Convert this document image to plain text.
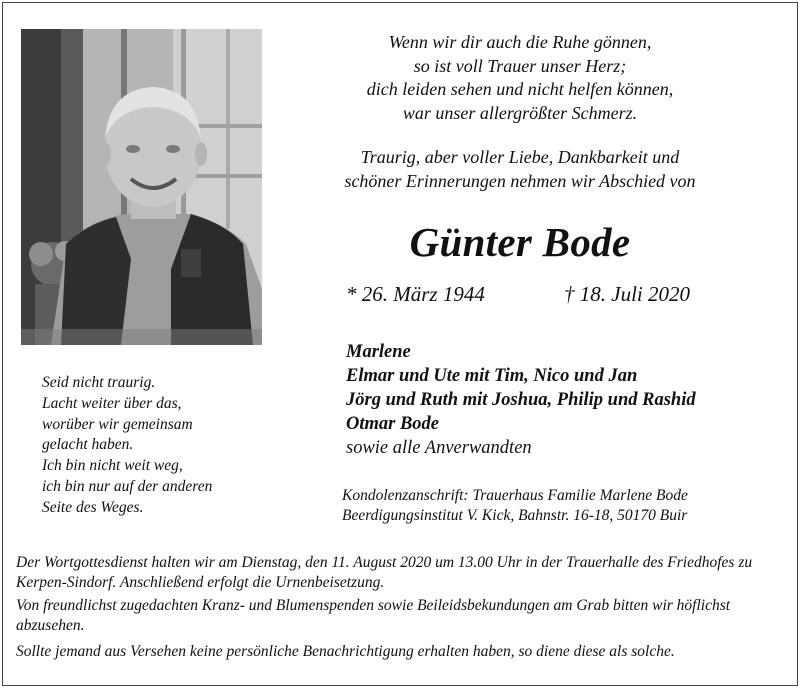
Wenn wir dir auch die Ruhe gönnen,
so ist voll Trauer unser Herz;
dich leiden sehen und nicht helfen können,
war unser allergrößter Schmerz.
Traurig, aber voller Liebe, Dankbarkeit und
schöner Erinnerungen nehmen wir Abschied von
Günter Bode
* 26. März 1944	† 18. Juli 2020
Marlene
Elmar und Ute mit Tim, Nico und Jan
Jörg und Ruth mit Joshua, Philip und Rashid
Otmar Bode
sowie alle Anverwandten
Seid nicht traurig.
Lacht weiter über das,
worüber wir gemeinsam
gelacht haben.
Ich bin nicht weit weg,
ich bin nur auf der anderen
Seite des Weges.
Kondolenzanschrift: Trauerhaus Familie Marlene Bode
Beerdigungsinstitut V. Kick, Bahnstr. 16-18, 50170 Buir

Der Wortgottesdienst halten wir am Dienstag, den 11. August 2020 um 13.00 Uhr in der Trauerhalle des Friedhofes zu Kerpen-Sindorf. Anschließend erfolgt die Urnenbeisetzung.

Von freundlichst zugedachten Kranz- und Blumenspenden sowie Beileidsbekundungen am Grab bitten wir höflichst abzusehen.

Sollte jemand aus Versehen keine persönliche Benachrichtigung erhalten haben, so diene diese als solche.
